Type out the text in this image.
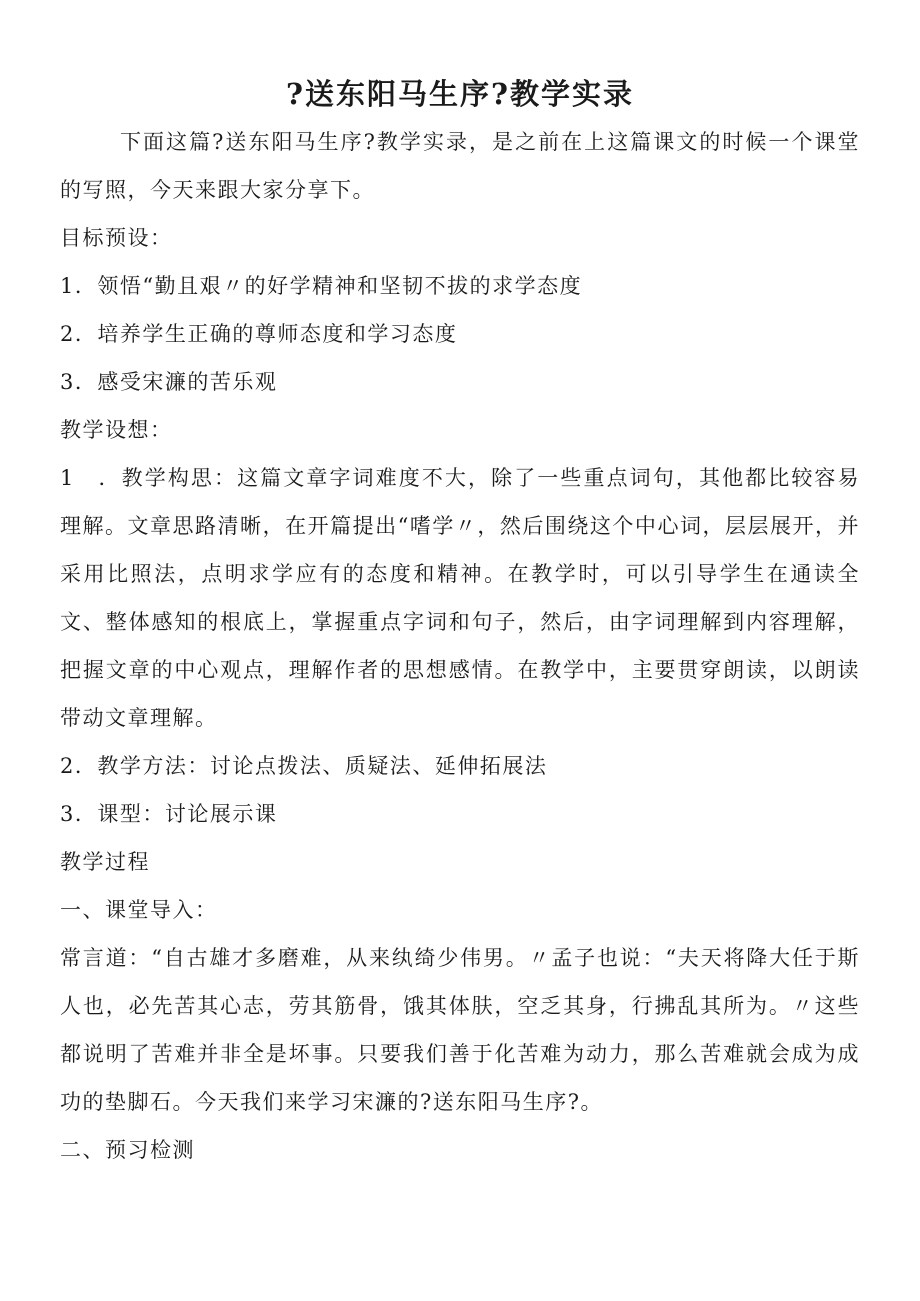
?送东阳马生序?教学实录

下面这篇?送东阳马生序?教学实录，是之前在上这篇课文的时候一个课堂的写照，今天来跟大家分享下。

目标预设：

1．领悟“勤且艰〃的好学精神和坚韧不拔的求学态度

2．培养学生正确的尊师态度和学习态度

3．感受宋濂的苦乐观

教学设想：

1　．教学构思：这篇文章字词难度不大，除了一些重点词句，其他都比较容易理解。文章思路清晰，在开篇提出“嗜学〃，然后围绕这个中心词，层层展开，并采用比照法，点明求学应有的态度和精神。在教学时，可以引导学生在通读全文、整体感知的根底上，掌握重点字词和句子，然后，由字词理解到内容理解，把握文章的中心观点，理解作者的思想感情。在教学中，主要贯穿朗读，以朗读带动文章理解。

2．教学方法：讨论点拨法、质疑法、延伸拓展法

3．课型：讨论展示课

教学过程

一、课堂导入：

常言道：“自古雄才多磨难，从来纨绮少伟男。〃孟子也说：“夫天将降大任于斯人也，必先苦其心志，劳其筋骨，饿其体肤，空乏其身，行拂乱其所为。〃这些都说明了苦难并非全是坏事。只要我们善于化苦难为动力，那么苦难就会成为成功的垫脚石。今天我们来学习宋濂的?送东阳马生序?。

二、预习检测
